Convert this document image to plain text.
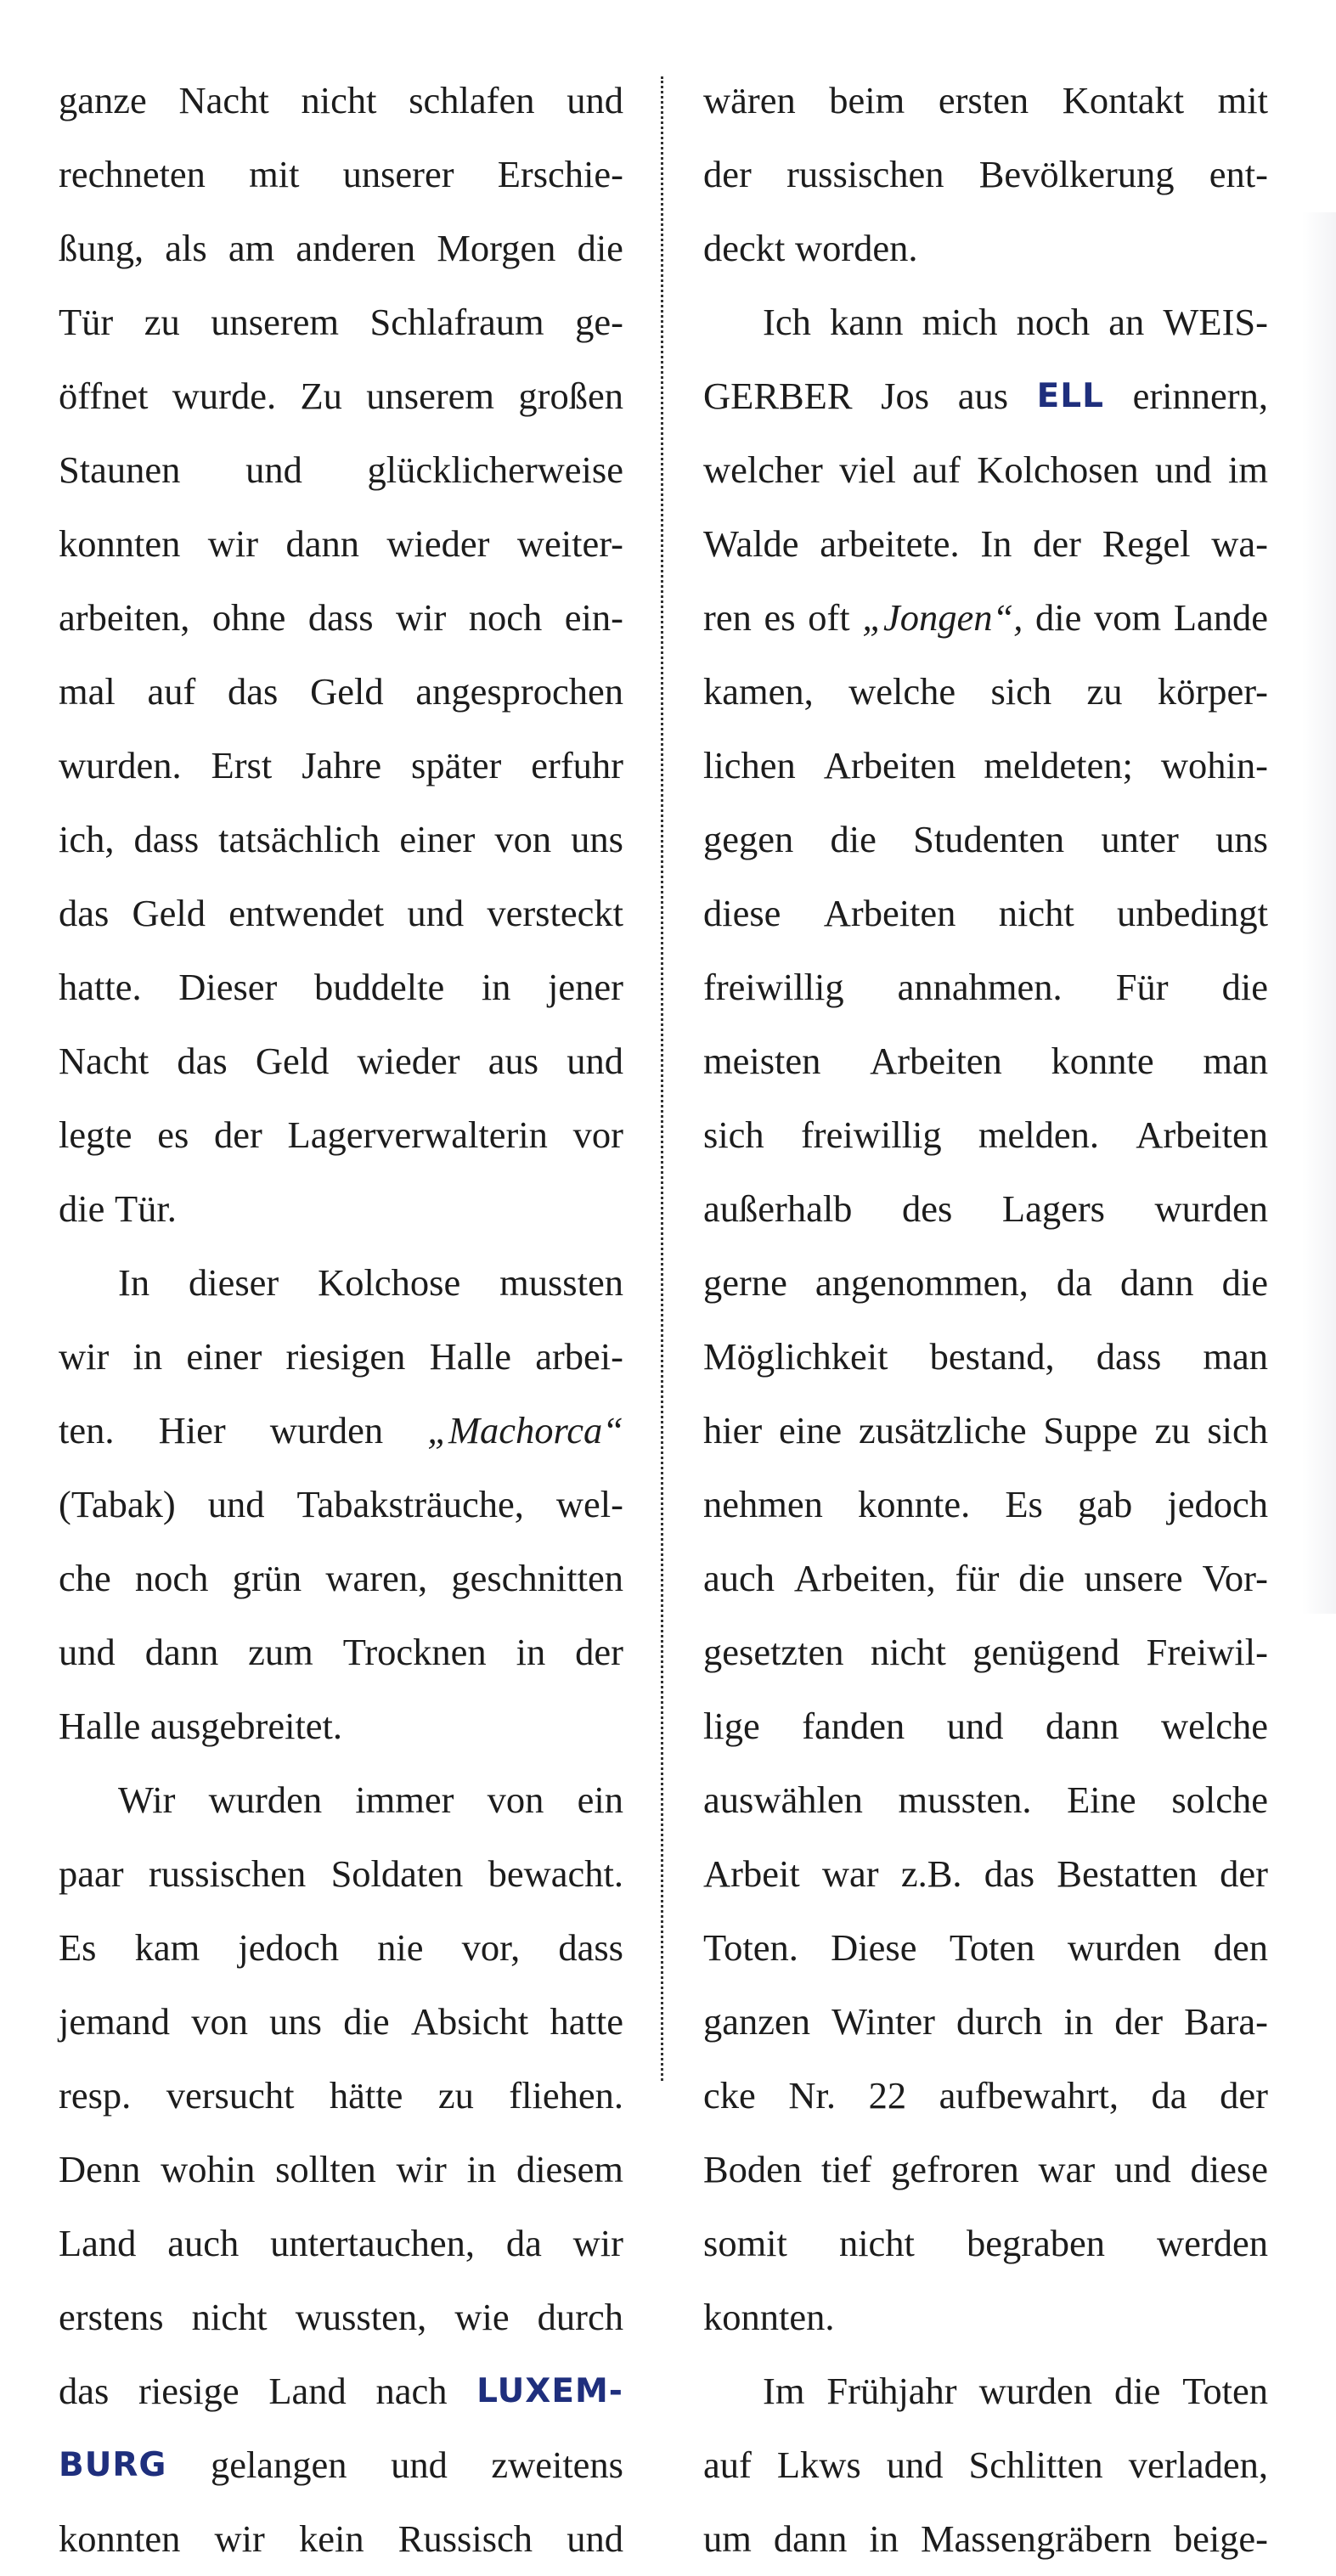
ganze Nacht nicht schlafen und
rechneten mit unserer Erschie-
ßung, als am anderen Morgen die
Tür zu unserem Schlafraum ge-
öffnet wurde. Zu unserem großen
Staunen und glücklicherweise
konnten wir dann wieder weiter-
arbeiten, ohne dass wir noch ein-
mal auf das Geld angesprochen
wurden. Erst Jahre später erfuhr
ich, dass tatsächlich einer von uns
das Geld entwendet und versteckt
hatte. Dieser buddelte in jener
Nacht das Geld wieder aus und
legte es der Lagerverwalterin vor
die Tür.
In dieser Kolchose mussten
wir in einer riesigen Halle arbei-
ten. Hier wurden „Machorca“
(Tabak) und Tabaksträuche, wel-
che noch grün waren, geschnitten
und dann zum Trocknen in der
Halle ausgebreitet.
Wir wurden immer von ein
paar russischen Soldaten bewacht.
Es kam jedoch nie vor, dass
jemand von uns die Absicht hatte
resp. versucht hätte zu fliehen.
Denn wohin sollten wir in diesem
Land auch untertauchen, da wir
erstens nicht wussten, wie durch
das riesige Land nach LUXEM-
BURG gelangen und zweitens
konnten wir kein Russisch und
wären beim ersten Kontakt mit
der russischen Bevölkerung ent-
deckt worden.
Ich kann mich noch an WEIS-
GERBER Jos aus ELL erinnern,
welcher viel auf Kolchosen und im
Walde arbeitete. In der Regel wa-
ren es oft „Jongen“, die vom Lande
kamen, welche sich zu körper-
lichen Arbeiten meldeten; wohin-
gegen die Studenten unter uns
diese Arbeiten nicht unbedingt
freiwillig annahmen. Für die
meisten Arbeiten konnte man
sich freiwillig melden. Arbeiten
außerhalb des Lagers wurden
gerne angenommen, da dann die
Möglichkeit bestand, dass man
hier eine zusätzliche Suppe zu sich
nehmen konnte. Es gab jedoch
auch Arbeiten, für die unsere Vor-
gesetzten nicht genügend Freiwil-
lige fanden und dann welche
auswählen mussten. Eine solche
Arbeit war z.B. das Bestatten der
Toten. Diese Toten wurden den
ganzen Winter durch in der Bara-
cke Nr. 22 aufbewahrt, da der
Boden tief gefroren war und diese
somit nicht begraben werden
konnten.
Im Frühjahr wurden die Toten
auf Lkws und Schlitten verladen,
um dann in Massengräbern beige-
